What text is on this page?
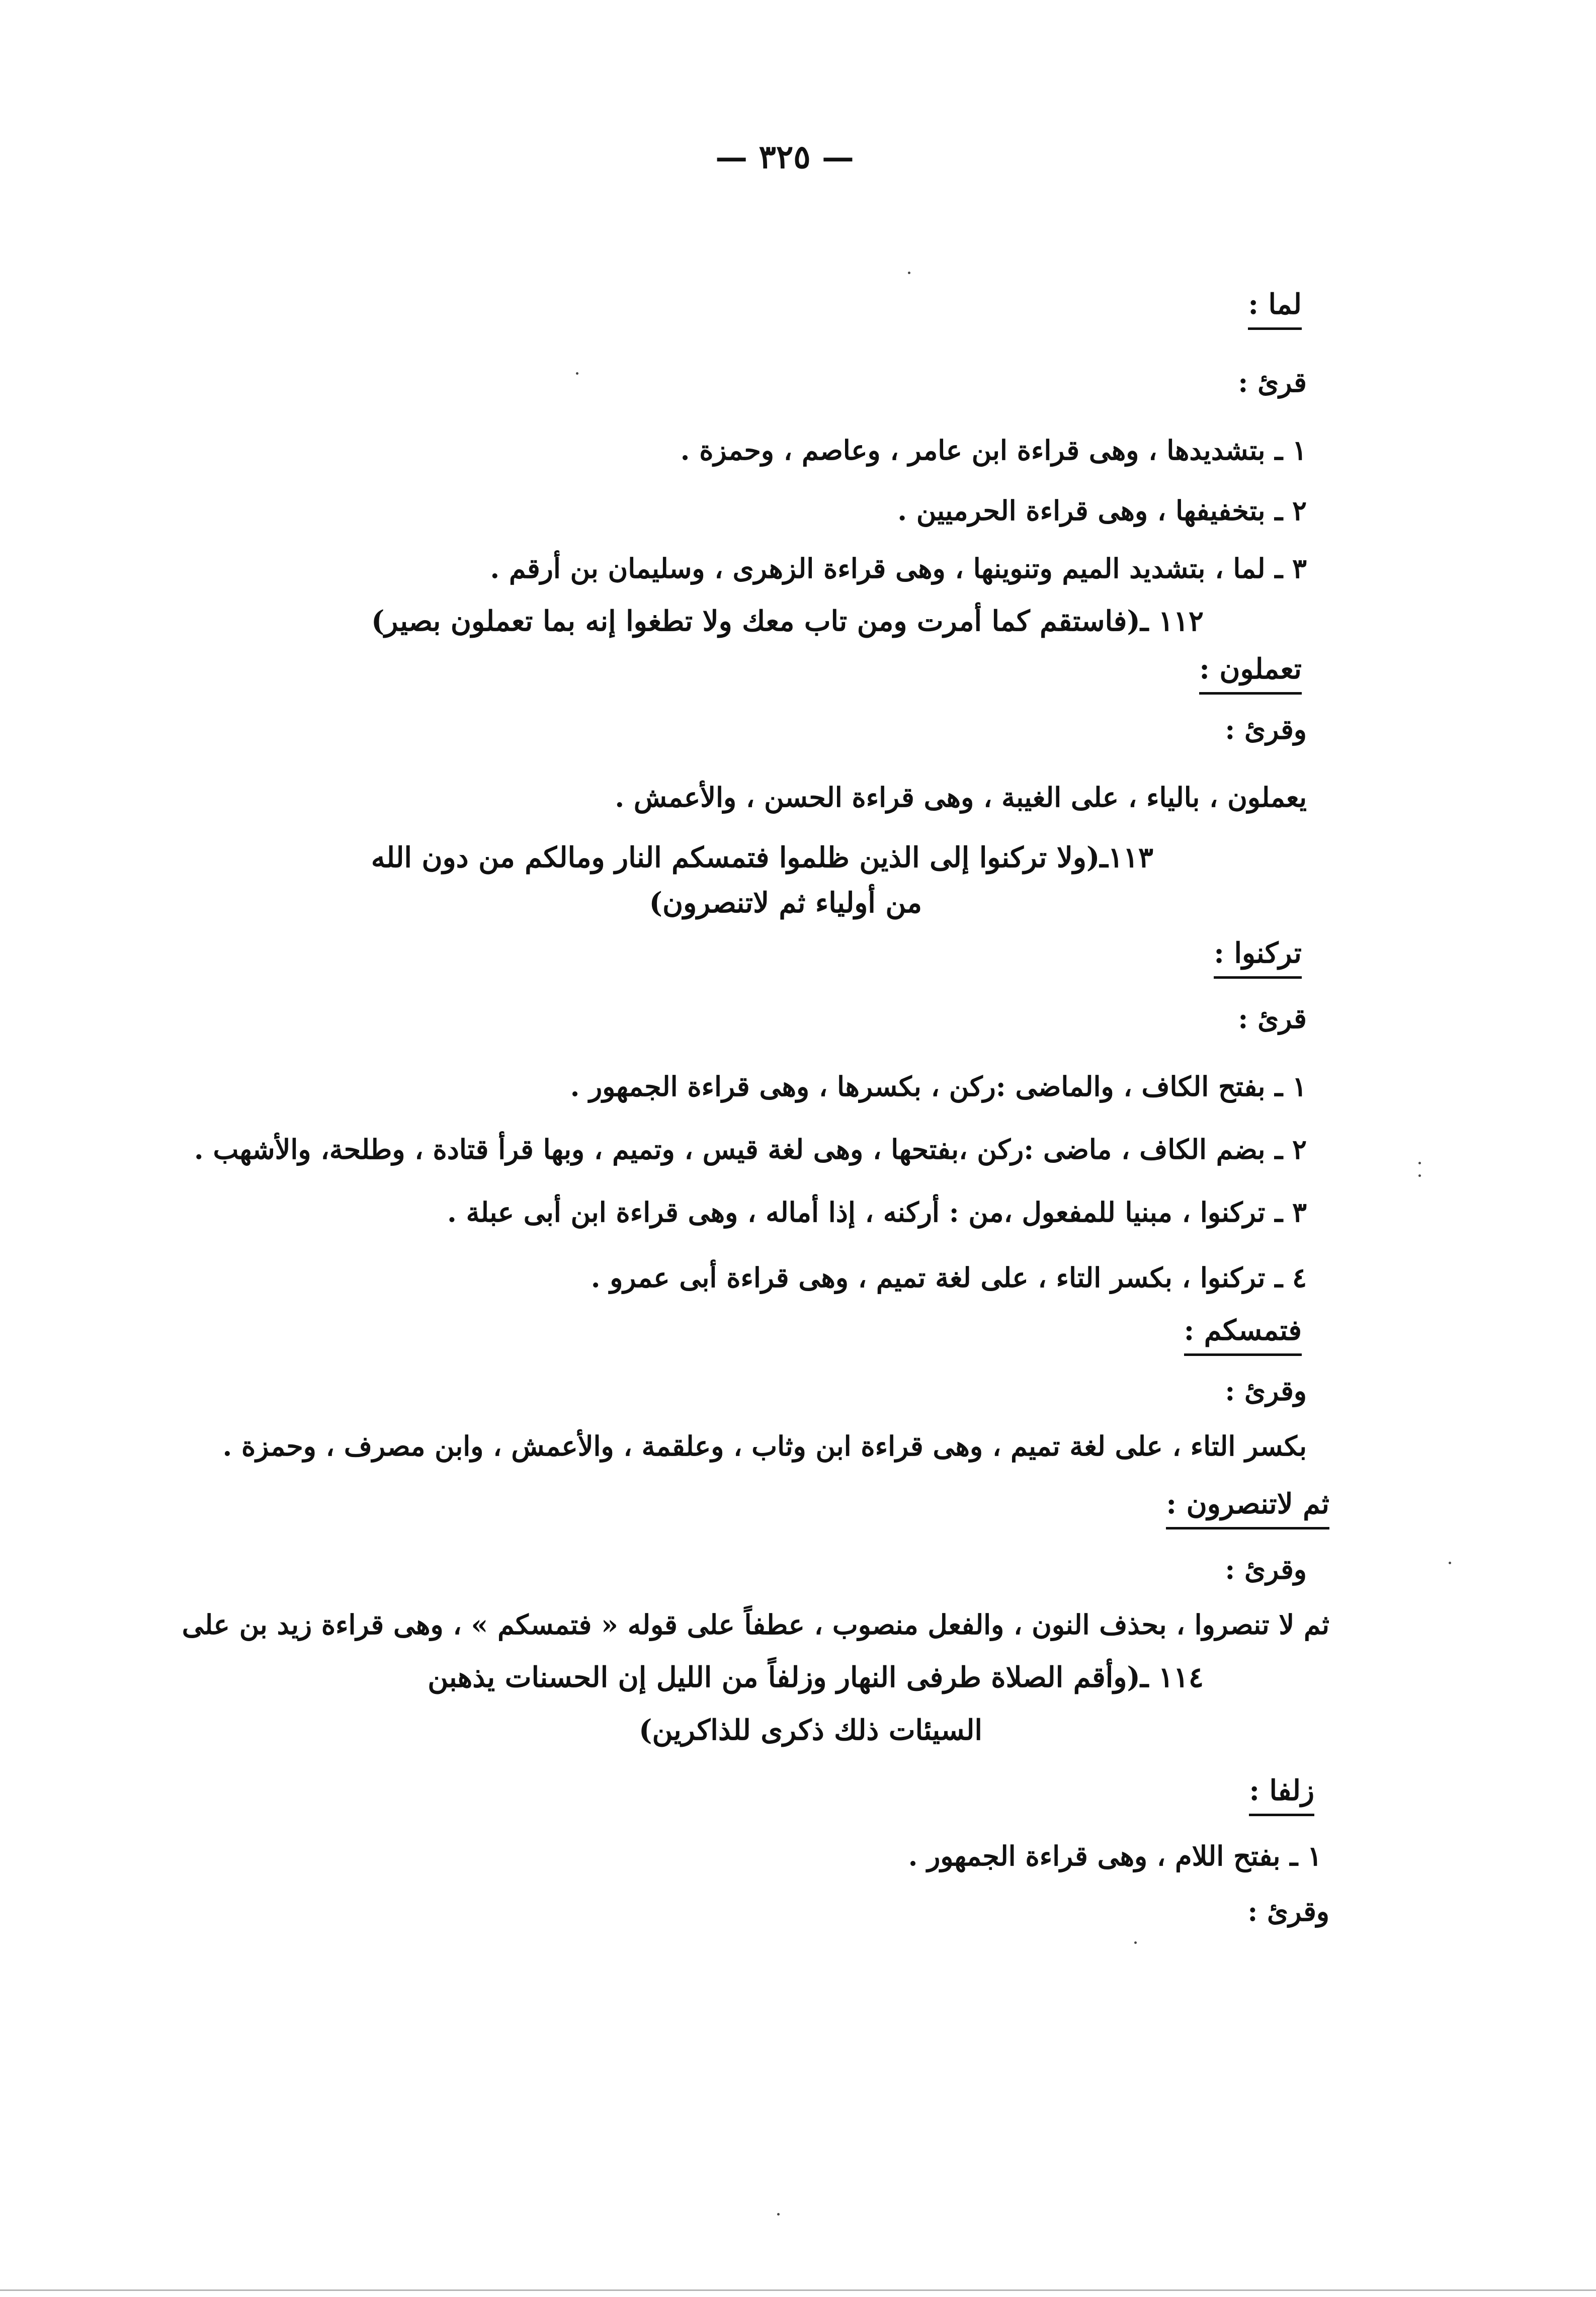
— ٣٢٥ —
لما :
قرئ :
١ ـ بتشديدها ، وهى قراءة ابن عامر ، وعاصم ، وحمزة .
٢ ـ بتخفيفها ، وهى قراءة الحرميين .
٣ ـ لما ، بتشديد الميم وتنوينها ، وهى قراءة الزهرى ، وسليمان بن أرقم .
١١٢ ـ(فاستقم كما أمرت ومن تاب معك ولا تطغوا إنه بما تعملون بصير)
تعملون :
وقرئ :
يعملون ، بالياء ، على الغيبة ، وهى قراءة الحسن ، والأعمش .
١١٣ـ(ولا تركنوا إلى الذين ظلموا فتمسكم النار ومالكم من دون الله
من أولياء ثم لاتنصرون)
تركنوا :
قرئ :
١ ـ بفتح الكاف ، والماضى :ركن ، بكسرها ، وهى قراءة الجمهور .
٢ ـ بضم الكاف ، ماضى :ركن ،بفتحها ، وهى لغة قيس ، وتميم ، وبها قرأ قتادة ، وطلحة، والأشهب .
٣ ـ تركنوا ، مبنيا للمفعول ،من : أركنه ، إذا أماله ، وهى قراءة ابن أبى عبلة .
٤ ـ تركنوا ، بكسر التاء ، على لغة تميم ، وهى قراءة أبى عمرو .
فتمسكم :
وقرئ :
بكسر التاء ، على لغة تميم ، وهى قراءة ابن وثاب ، وعلقمة ، والأعمش ، وابن مصرف ، وحمزة .
ثم لاتنصرون :
وقرئ :
ثم لا تنصروا ، بحذف النون ، والفعل منصوب ، عطفاً على قوله « فتمسكم » ، وهى قراءة زيد بن على
١١٤ ـ(وأقم الصلاة طرفى النهار وزلفاً من الليل إن الحسنات يذهبن
السيئات ذلك ذكرى للذاكرين)
زلفا :
١ ـ بفتح اللام ، وهى قراءة الجمهور .
وقرئ :
